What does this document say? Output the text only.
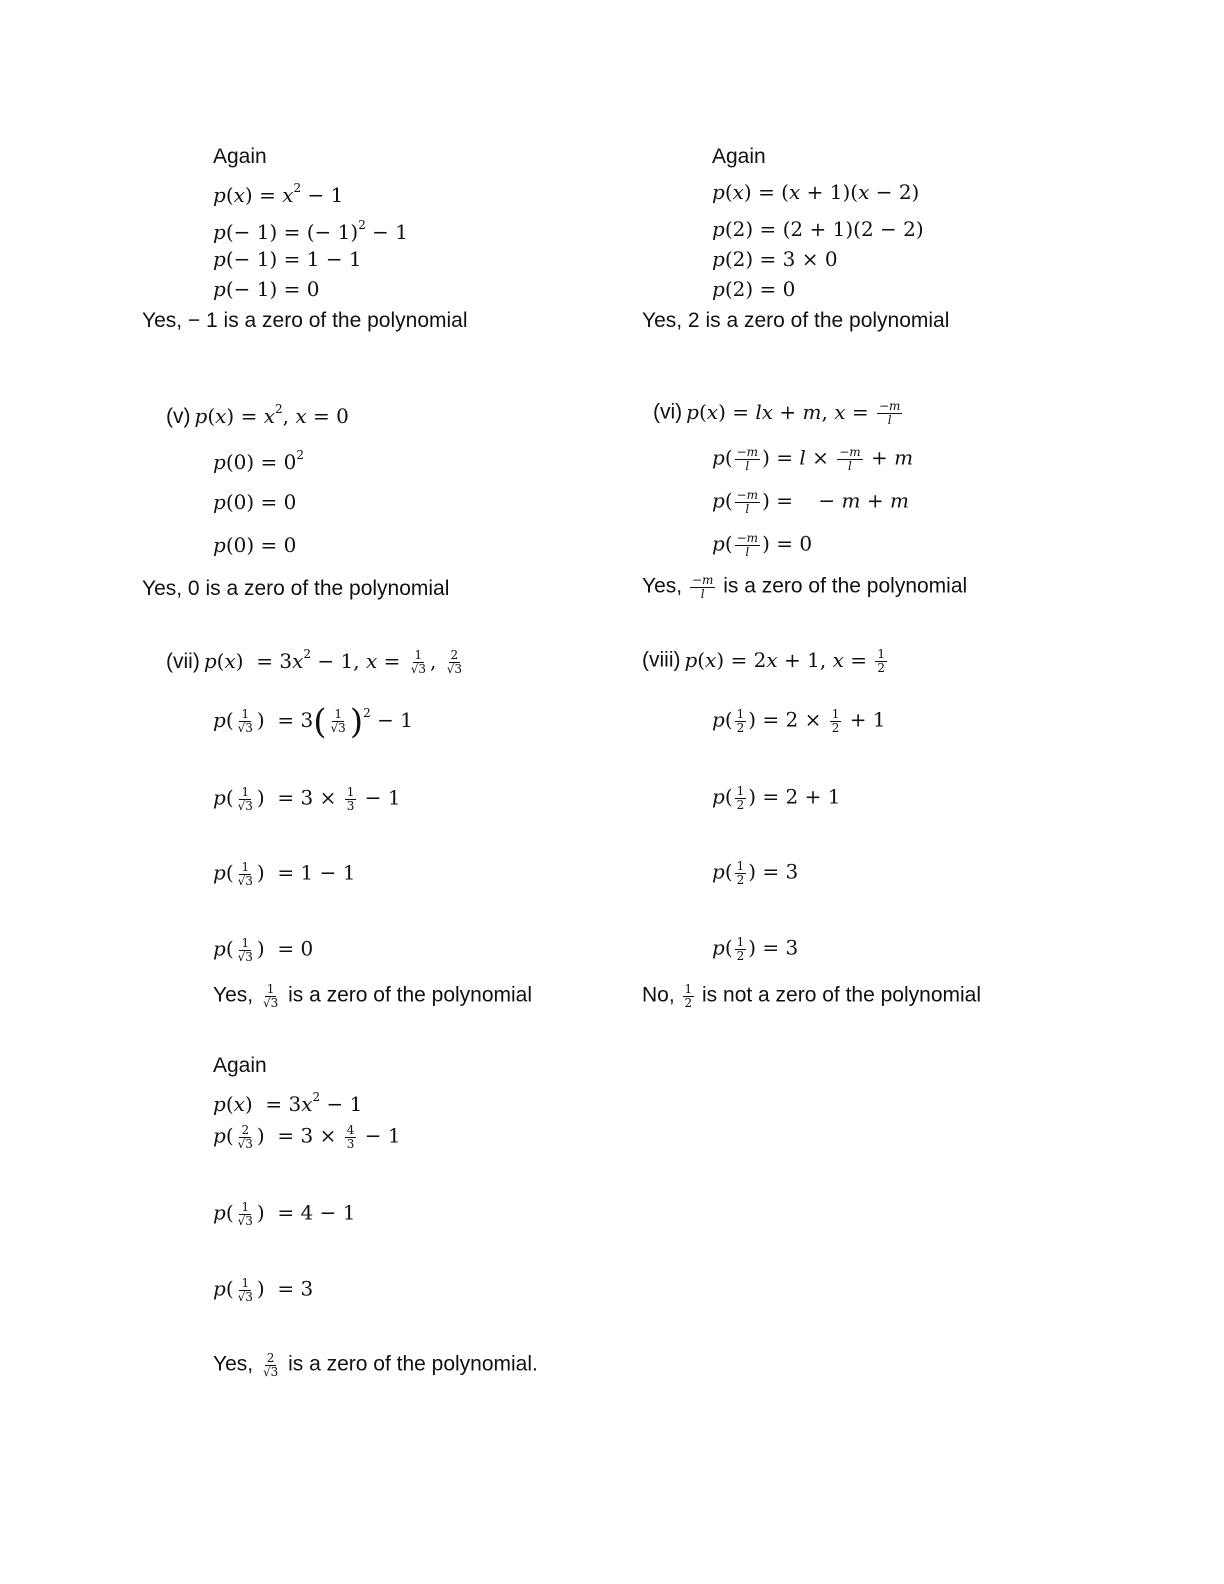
Again
$p(x) = x^2 - 1$
p(− 1) = (− 1)$^2$ − 1
p(− 1) = 1 − 1
p(− 1) = 0
Yes, − 1 is a zero of the polynomial
Again
p(x) = (x + 1)(x − 2)
p(2) = (2 + 1)(2 − 2)
p(2) = 3 × 0
p(2) = 0
Yes, 2 is a zero of the polynomial
(v) $p(x) = x^2$, x = 0
$p(0) = 0^2$
p(0) = 0
p(0) = 0
Yes, 0 is a zero of the polynomial
(vi) p(x) = lx + m, $x = \frac{-m}{l}$
$p( \frac{-m}{l}$ ) = $l \times \frac{-m}{l} + m$
$p( \frac{-m}{l}$ ) =    − m + m
$p( \frac{-m}{l}$ ) = 0
Yes, $\frac{-m}{l}$ is a zero of the polynomial
(vii) $p(x) = 3x^2 - 1$, $x = \frac{1}{√3}$ , $\frac{2}{√3}$
$p( \frac{1}{√3}$ )  = $3( \frac{1}{√3} )^2 - 1$
$p( \frac{1}{√3}$ )  = $3 \times \frac{1}{3} - 1$
$p( \frac{1}{√3}$ )  = 1 − 1
$p( \frac{1}{√3}$ )  = 0
Yes, $\frac{1}{√3}$ is a zero of the polynomial
(viii) p(x) = 2x + 1, $x = \frac{1}{2}$
$p( \frac{1}{2}$ ) = $2 \times \frac{1}{2} + 1$
$p( \frac{1}{2}$ ) = 2 + 1
$p( \frac{1}{2}$ ) = 3
$p( \frac{1}{2}$ ) = 3
No, $\frac{1}{2}$ is not a zero of the polynomial
Again
$p(x) = 3x^2 - 1$
$p( \frac{2}{√3}$ )  = $3 \times \frac{4}{3} - 1$
$p( \frac{1}{√3}$ )  = 4 − 1
$p( \frac{1}{√3}$ )  = 3
Yes, $\frac{2}{√3}$ is a zero of the polynomial.
